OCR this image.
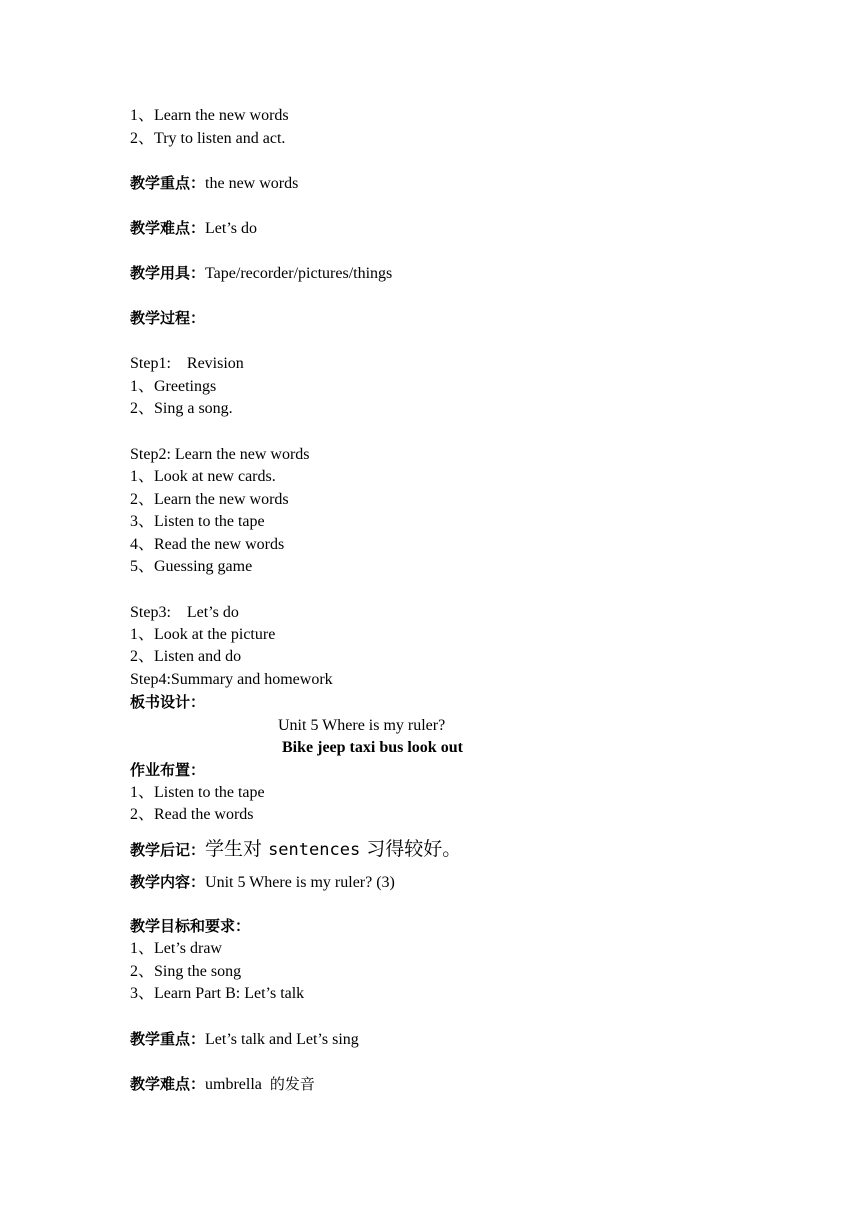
1、Learn the new words
2、Try to listen and act.
教学重点：the new words
教学难点：Let’s do
教学用具：Tape/recorder/pictures/things
教学过程：
Step1:    Revision
1、Greetings
2、Sing a song.
Step2: Learn the new words
1、Look at new cards.
2、Learn the new words
3、Listen to the tape
4、Read the new words
5、Guessing game
Step3:    Let’s do
1、Look at the picture
2、Listen and do
Step4:Summary and homework
板书设计：
Unit 5 Where is my ruler?
Bike jeep taxi bus look out
作业布置：
1、Listen to the tape
2、Read the words
教学后记：学生对 sentences 习得较好。
教学内容：Unit 5 Where is my ruler? (3)
教学目标和要求：
1、Let’s draw
2、Sing the song
3、Learn Part B: Let’s talk
教学重点：Let’s talk and Let’s sing
教学难点：umbrella  的发音
